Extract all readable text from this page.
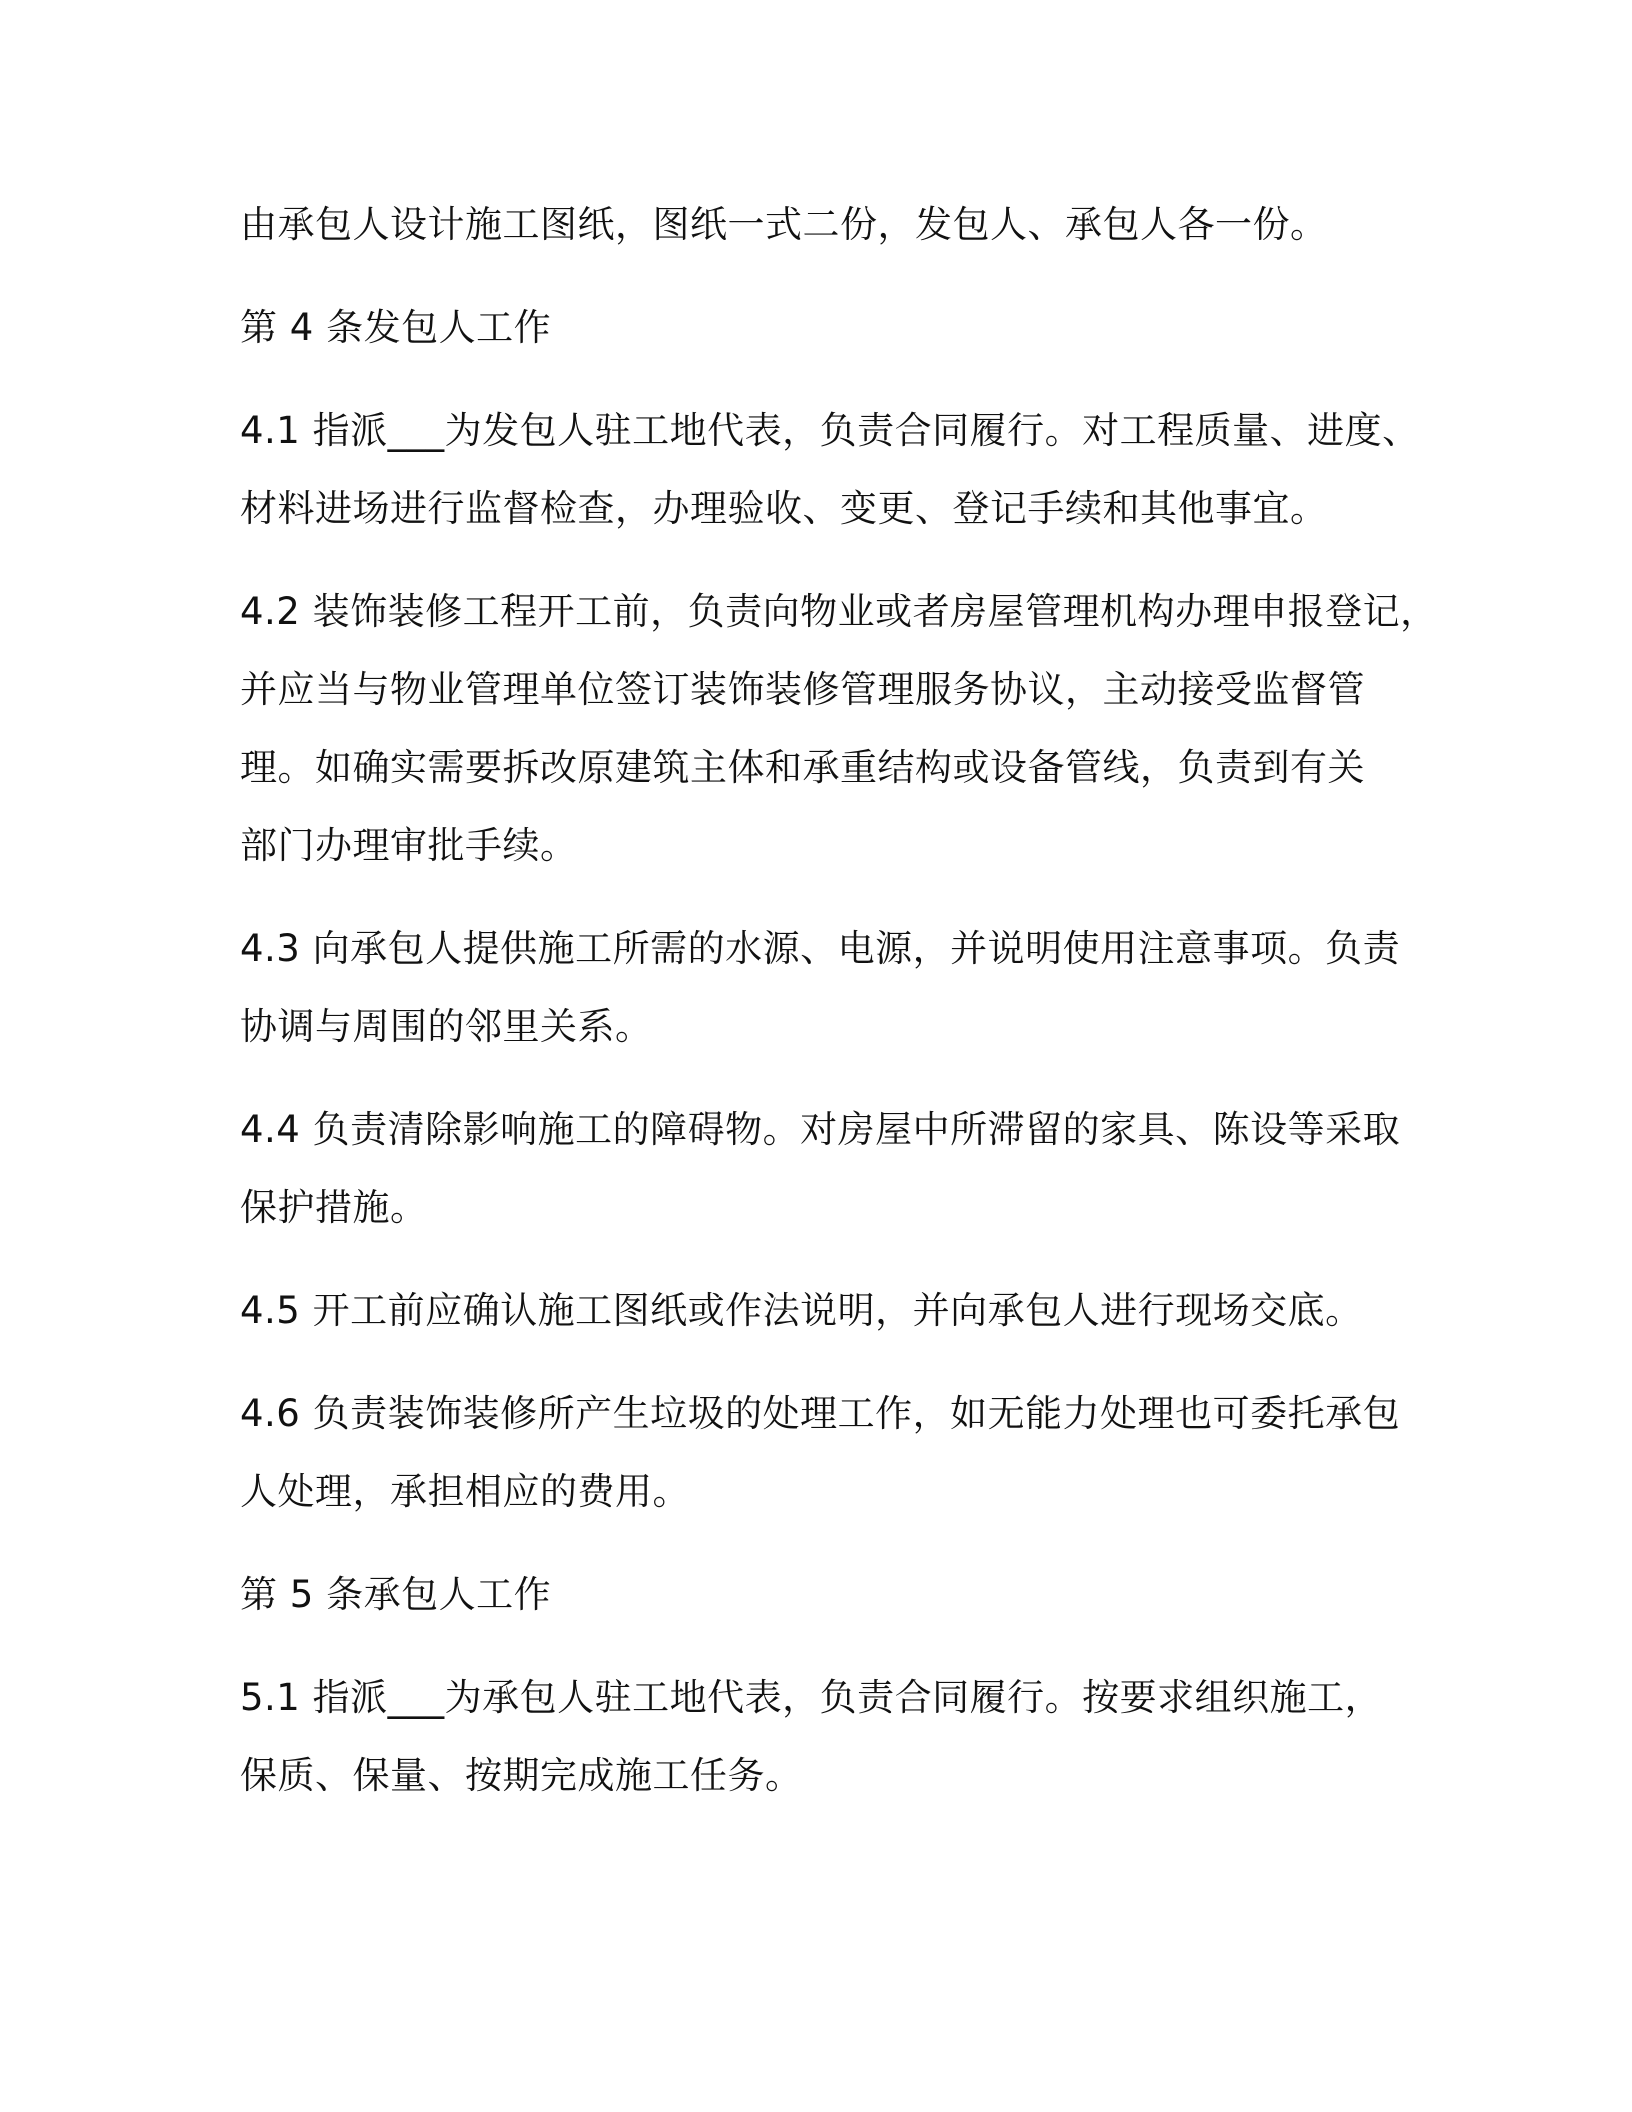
由承包人设计施工图纸，图纸一式二份，发包人、承包人各一份。

第 4 条发包人工作

4.1 指派___为发包人驻工地代表，负责合同履行。对工程质量、进度、
材料进场进行监督检查，办理验收、变更、登记手续和其他事宜。

4.2 装饰装修工程开工前，负责向物业或者房屋管理机构办理申报登记，
并应当与物业管理单位签订装饰装修管理服务协议，主动接受监督管
理。如确实需要拆改原建筑主体和承重结构或设备管线，负责到有关
部门办理审批手续。

4.3 向承包人提供施工所需的水源、电源，并说明使用注意事项。负责
协调与周围的邻里关系。

4.4 负责清除影响施工的障碍物。对房屋中所滞留的家具、陈设等采取
保护措施。

4.5 开工前应确认施工图纸或作法说明，并向承包人进行现场交底。

4.6 负责装饰装修所产生垃圾的处理工作，如无能力处理也可委托承包
人处理，承担相应的费用。

第 5 条承包人工作

5.1 指派___为承包人驻工地代表，负责合同履行。按要求组织施工，
保质、保量、按期完成施工任务。
